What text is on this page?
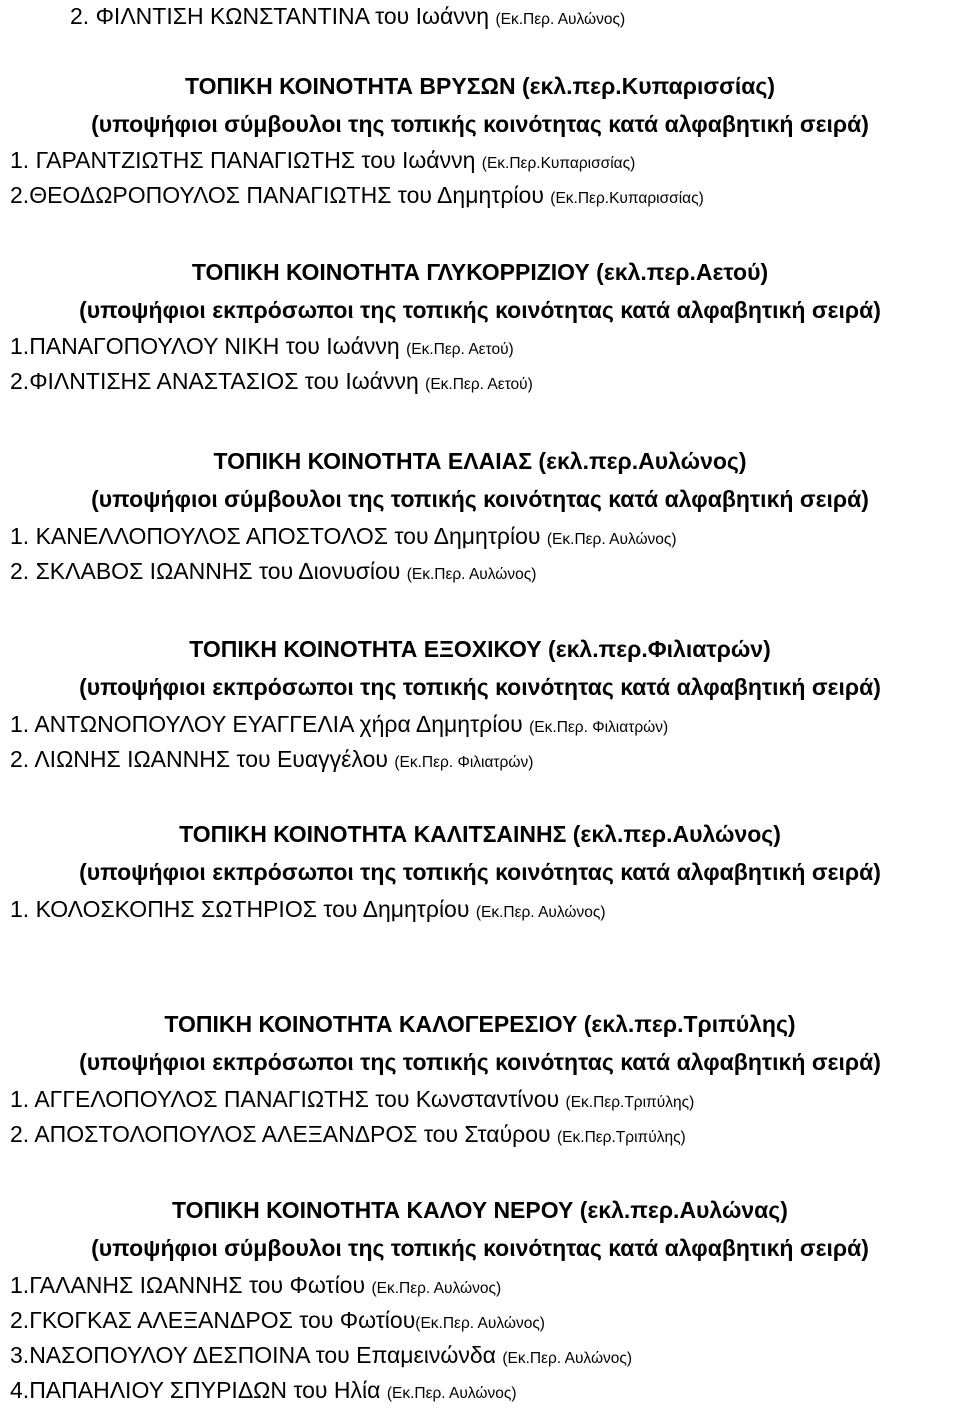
2. ΦΙΛΝΤΙΣΗ ΚΩΝΣΤΑΝΤΙΝΑ του Ιωάννη (Εκ.Περ. Αυλώνος)
ΤΟΠΙΚΗ ΚΟΙΝΟΤΗΤΑ ΒΡΥΣΩΝ (εκλ.περ.Κυπαρισσίας)
(υποψήφιοι σύμβουλοι της τοπικής κοινότητας κατά αλφαβητική σειρά)
1. ΓΑΡΑΝΤΖΙΩΤΗΣ ΠΑΝΑΓΙΩΤΗΣ του Ιωάννη (Εκ.Περ.Κυπαρισσίας)
2.ΘΕΟΔΩΡΟΠΟΥΛΟΣ ΠΑΝΑΓΙΩΤΗΣ του Δημητρίου (Εκ.Περ.Κυπαρισσίας)
ΤΟΠΙΚΗ ΚΟΙΝΟΤΗΤΑ ΓΛΥΚΟΡΡΙΖΙΟΥ (εκλ.περ.Αετού)
(υποψήφιοι εκπρόσωποι της τοπικής κοινότητας κατά αλφαβητική σειρά)
1.ΠΑΝΑΓΟΠΟΥΛΟΥ ΝΙΚΗ του Ιωάννη (Εκ.Περ. Αετού)
2.ΦΙΛΝΤΙΣΗΣ ΑΝΑΣΤΑΣΙΟΣ του Ιωάννη (Εκ.Περ. Αετού)
ΤΟΠΙΚΗ ΚΟΙΝΟΤΗΤΑ ΕΛΑΙΑΣ (εκλ.περ.Αυλώνος)
(υποψήφιοι σύμβουλοι της τοπικής κοινότητας κατά αλφαβητική σειρά)
1. ΚΑΝΕΛΛΟΠΟΥΛΟΣ ΑΠΟΣΤΟΛΟΣ του Δημητρίου (Εκ.Περ. Αυλώνος)
2. ΣΚΛΑΒΟΣ ΙΩΑΝΝΗΣ του Διονυσίου (Εκ.Περ. Αυλώνος)
ΤΟΠΙΚΗ ΚΟΙΝΟΤΗΤΑ ΕΞΟΧΙΚΟΥ (εκλ.περ.Φιλιατρών)
(υποψήφιοι εκπρόσωποι της τοπικής κοινότητας κατά αλφαβητική σειρά)
1. ΑΝΤΩΝΟΠΟΥΛΟΥ ΕΥΑΓΓΕΛΙΑ χήρα Δημητρίου (Εκ.Περ. Φιλιατρών)
2. ΛΙΩΝΗΣ ΙΩΑΝΝΗΣ του Ευαγγέλου (Εκ.Περ. Φιλιατρών)
ΤΟΠΙΚΗ ΚΟΙΝΟΤΗΤΑ ΚΑΛΙΤΣΑΙΝΗΣ (εκλ.περ.Αυλώνος)
(υποψήφιοι εκπρόσωποι της τοπικής κοινότητας κατά αλφαβητική σειρά)
1. ΚΟΛΟΣΚΟΠΗΣ ΣΩΤΗΡΙΟΣ του Δημητρίου (Εκ.Περ. Αυλώνος)
ΤΟΠΙΚΗ ΚΟΙΝΟΤΗΤΑ ΚΑΛΟΓΕΡΕΣΙΟΥ (εκλ.περ.Τριπύλης)
(υποψήφιοι εκπρόσωποι της τοπικής κοινότητας κατά αλφαβητική σειρά)
1. ΑΓΓΕΛΟΠΟΥΛΟΣ ΠΑΝΑΓΙΩΤΗΣ του Κωνσταντίνου (Εκ.Περ.Τριπύλης)
2. ΑΠΟΣΤΟΛΟΠΟΥΛΟΣ ΑΛΕΞΑΝΔΡΟΣ του Σταύρου (Εκ.Περ.Τριπύλης)
ΤΟΠΙΚΗ ΚΟΙΝΟΤΗΤΑ ΚΑΛΟΥ ΝΕΡΟΥ (εκλ.περ.Αυλώνας)
(υποψήφιοι σύμβουλοι της τοπικής κοινότητας κατά αλφαβητική σειρά)
1.ΓΑΛΑΝΗΣ ΙΩΑΝΝΗΣ του Φωτίου (Εκ.Περ. Αυλώνος)
2.ΓΚΟΓΚΑΣ ΑΛΕΞΑΝΔΡΟΣ του Φωτίου(Εκ.Περ. Αυλώνος)
3.ΝΑΣΟΠΟΥΛΟΥ ΔΕΣΠΟΙΝΑ του Επαμεινώνδα (Εκ.Περ. Αυλώνος)
4.ΠΑΠΑΗΛΙΟΥ ΣΠΥΡΙΔΩΝ του Ηλία (Εκ.Περ. Αυλώνος)
